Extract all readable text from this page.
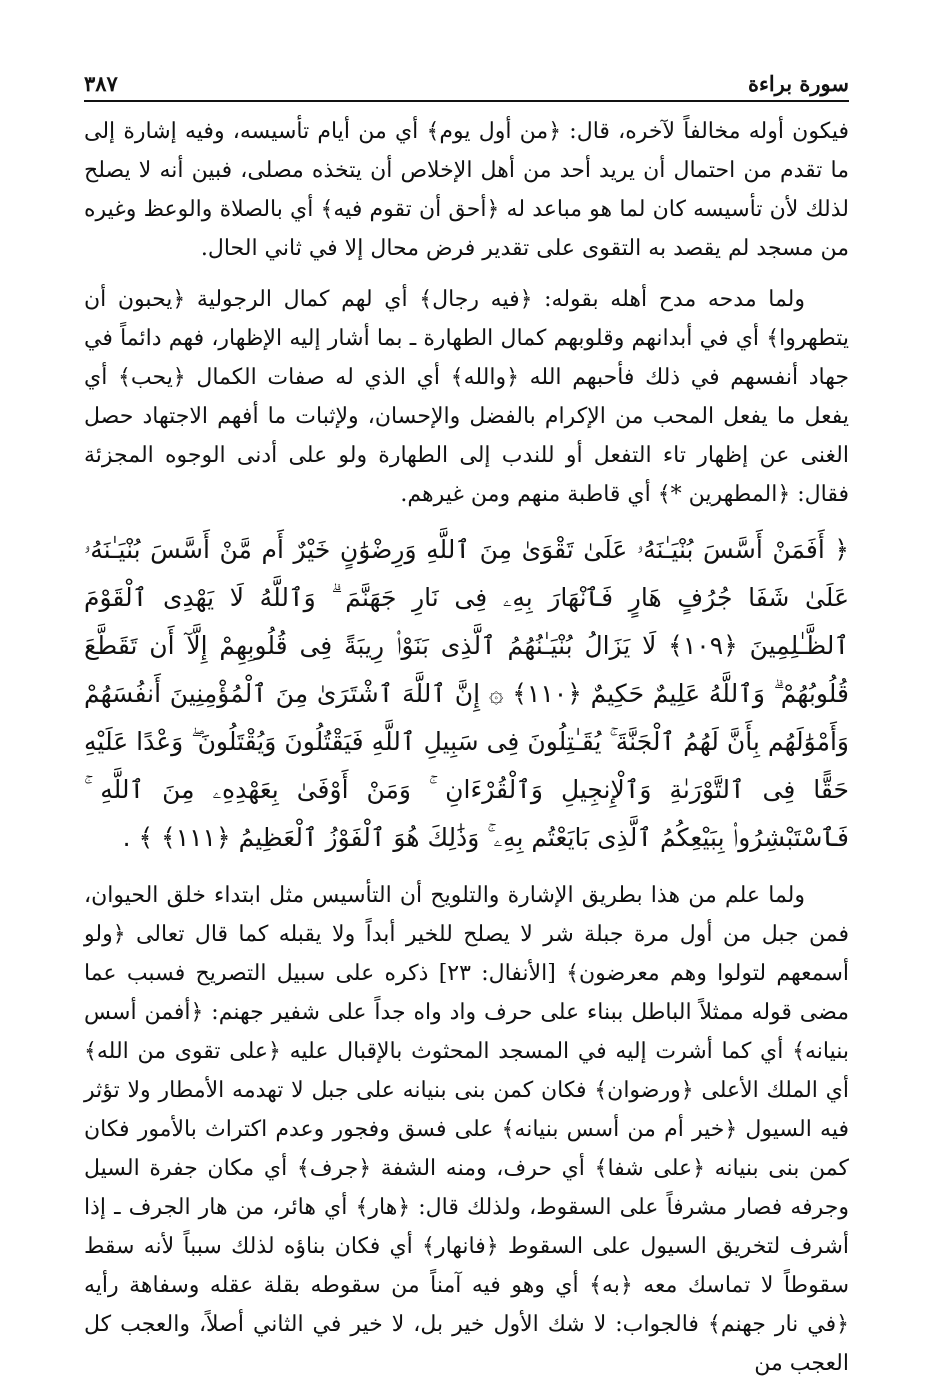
سورة براءة
٣٨٧

فيكون أوله مخالفاً لآخره، قال: ﴿من أول يوم﴾ أي من أيام تأسيسه، وفيه إشارة إلى ما تقدم من احتمال أن يريد أحد من أهل الإخلاص أن يتخذه مصلى، فبين أنه لا يصلح لذلك لأن تأسيسه كان لما هو مباعد له ﴿أحق أن تقوم فيه﴾ أي بالصلاة والوعظ وغيره من مسجد لم يقصد به التقوى على تقدير فرض محال إلا في ثاني الحال.

ولما مدحه مدح أهله بقوله: ﴿فيه رجال﴾ أي لهم كمال الرجولية ﴿يحبون أن يتطهروا﴾ أي في أبدانهم وقلوبهم كمال الطهارة ـ بما أشار إليه الإظهار، فهم دائماً في جهاد أنفسهم في ذلك فأحبهم الله ﴿والله﴾ أي الذي له صفات الكمال ﴿يحب﴾ أي يفعل ما يفعل المحب من الإكرام بالفضل والإحسان، ولإثبات ما أفهم الاجتهاد حصل الغنى عن إظهار تاء التفعل أو للندب إلى الطهارة ولو على أدنى الوجوه المجزئة فقال: ﴿المطهرين *﴾ أي قاطبة منهم ومن غيرهم.

﴿ أَفَمَنْ أَسَّسَ بُنْيَـٰنَهُۥ عَلَىٰ تَقْوَىٰ مِنَ ٱللَّهِ وَرِضْوَٰنٍ خَيْرٌ أَم مَّنْ أَسَّسَ بُنْيَـٰنَهُۥ عَلَىٰ شَفَا جُرُفٍ هَارٍ فَٱنْهَارَ بِهِۦ فِى نَارِ جَهَنَّمَ ۗ وَٱللَّهُ لَا يَهْدِى ٱلْقَوْمَ ٱلظَّـٰلِمِينَ ﴿١٠٩﴾ لَا يَزَالُ بُنْيَـٰنُهُمُ ٱلَّذِى بَنَوْا۟ رِيبَةً فِى قُلُوبِهِمْ إِلَّآ أَن تَقَطَّعَ قُلُوبُهُمْ ۗ وَٱللَّهُ عَلِيمٌ حَكِيمٌ ﴿١١٠﴾ ۞ إِنَّ ٱللَّهَ ٱشْتَرَىٰ مِنَ ٱلْمُؤْمِنِينَ أَنفُسَهُمْ وَأَمْوَٰلَهُم بِأَنَّ لَهُمُ ٱلْجَنَّةَ ۚ يُقَـٰتِلُونَ فِى سَبِيلِ ٱللَّهِ فَيَقْتُلُونَ وَيُقْتَلُونَ ۖ وَعْدًا عَلَيْهِ حَقًّا فِى ٱلتَّوْرَىٰةِ وَٱلْإِنجِيلِ وَٱلْقُرْءَانِ ۚ وَمَنْ أَوْفَىٰ بِعَهْدِهِۦ مِنَ ٱللَّهِ ۚ فَٱسْتَبْشِرُوا۟ بِبَيْعِكُمُ ٱلَّذِى بَايَعْتُم بِهِۦ ۚ وَذَٰلِكَ هُوَ ٱلْفَوْزُ ٱلْعَظِيمُ ﴿١١١﴾ ﴾ .

ولما علم من هذا بطريق الإشارة والتلويح أن التأسيس مثل ابتداء خلق الحيوان، فمن جبل من أول مرة جبلة شر لا يصلح للخير أبداً ولا يقبله كما قال تعالى ﴿ولو أسمعهم لتولوا وهم معرضون﴾ [الأنفال: ٢٣] ذكره على سبيل التصريح فسبب عما مضى قوله ممثلاً الباطل ببناء على حرف واد واه جداً على شفير جهنم: ﴿أفمن أسس بنيانه﴾ أي كما أشرت إليه في المسجد المحثوث بالإقبال عليه ﴿على تقوى من الله﴾ أي الملك الأعلى ﴿ورضوان﴾ فكان كمن بنى بنيانه على جبل لا تهدمه الأمطار ولا تؤثر فيه السيول ﴿خير أم من أسس بنيانه﴾ على فسق وفجور وعدم اكتراث بالأمور فكان كمن بنى بنيانه ﴿على شفا﴾ أي حرف، ومنه الشفة ﴿جرف﴾ أي مكان جفرة السيل وجرفه فصار مشرفاً على السقوط، ولذلك قال: ﴿هار﴾ أي هائر، من هار الجرف ـ إذا أشرف لتخريق السيول على السقوط ﴿فانهار﴾ أي فكان بناؤه لذلك سبباً لأنه سقط سقوطاً لا تماسك معه ﴿به﴾ أي وهو فيه آمناً من سقوطه بقلة عقله وسفاهة رأيه ﴿في نار جهنم﴾ فالجواب: لا شك الأول خير بل، لا خير في الثاني أصلاً، والعجب كل العجب من
